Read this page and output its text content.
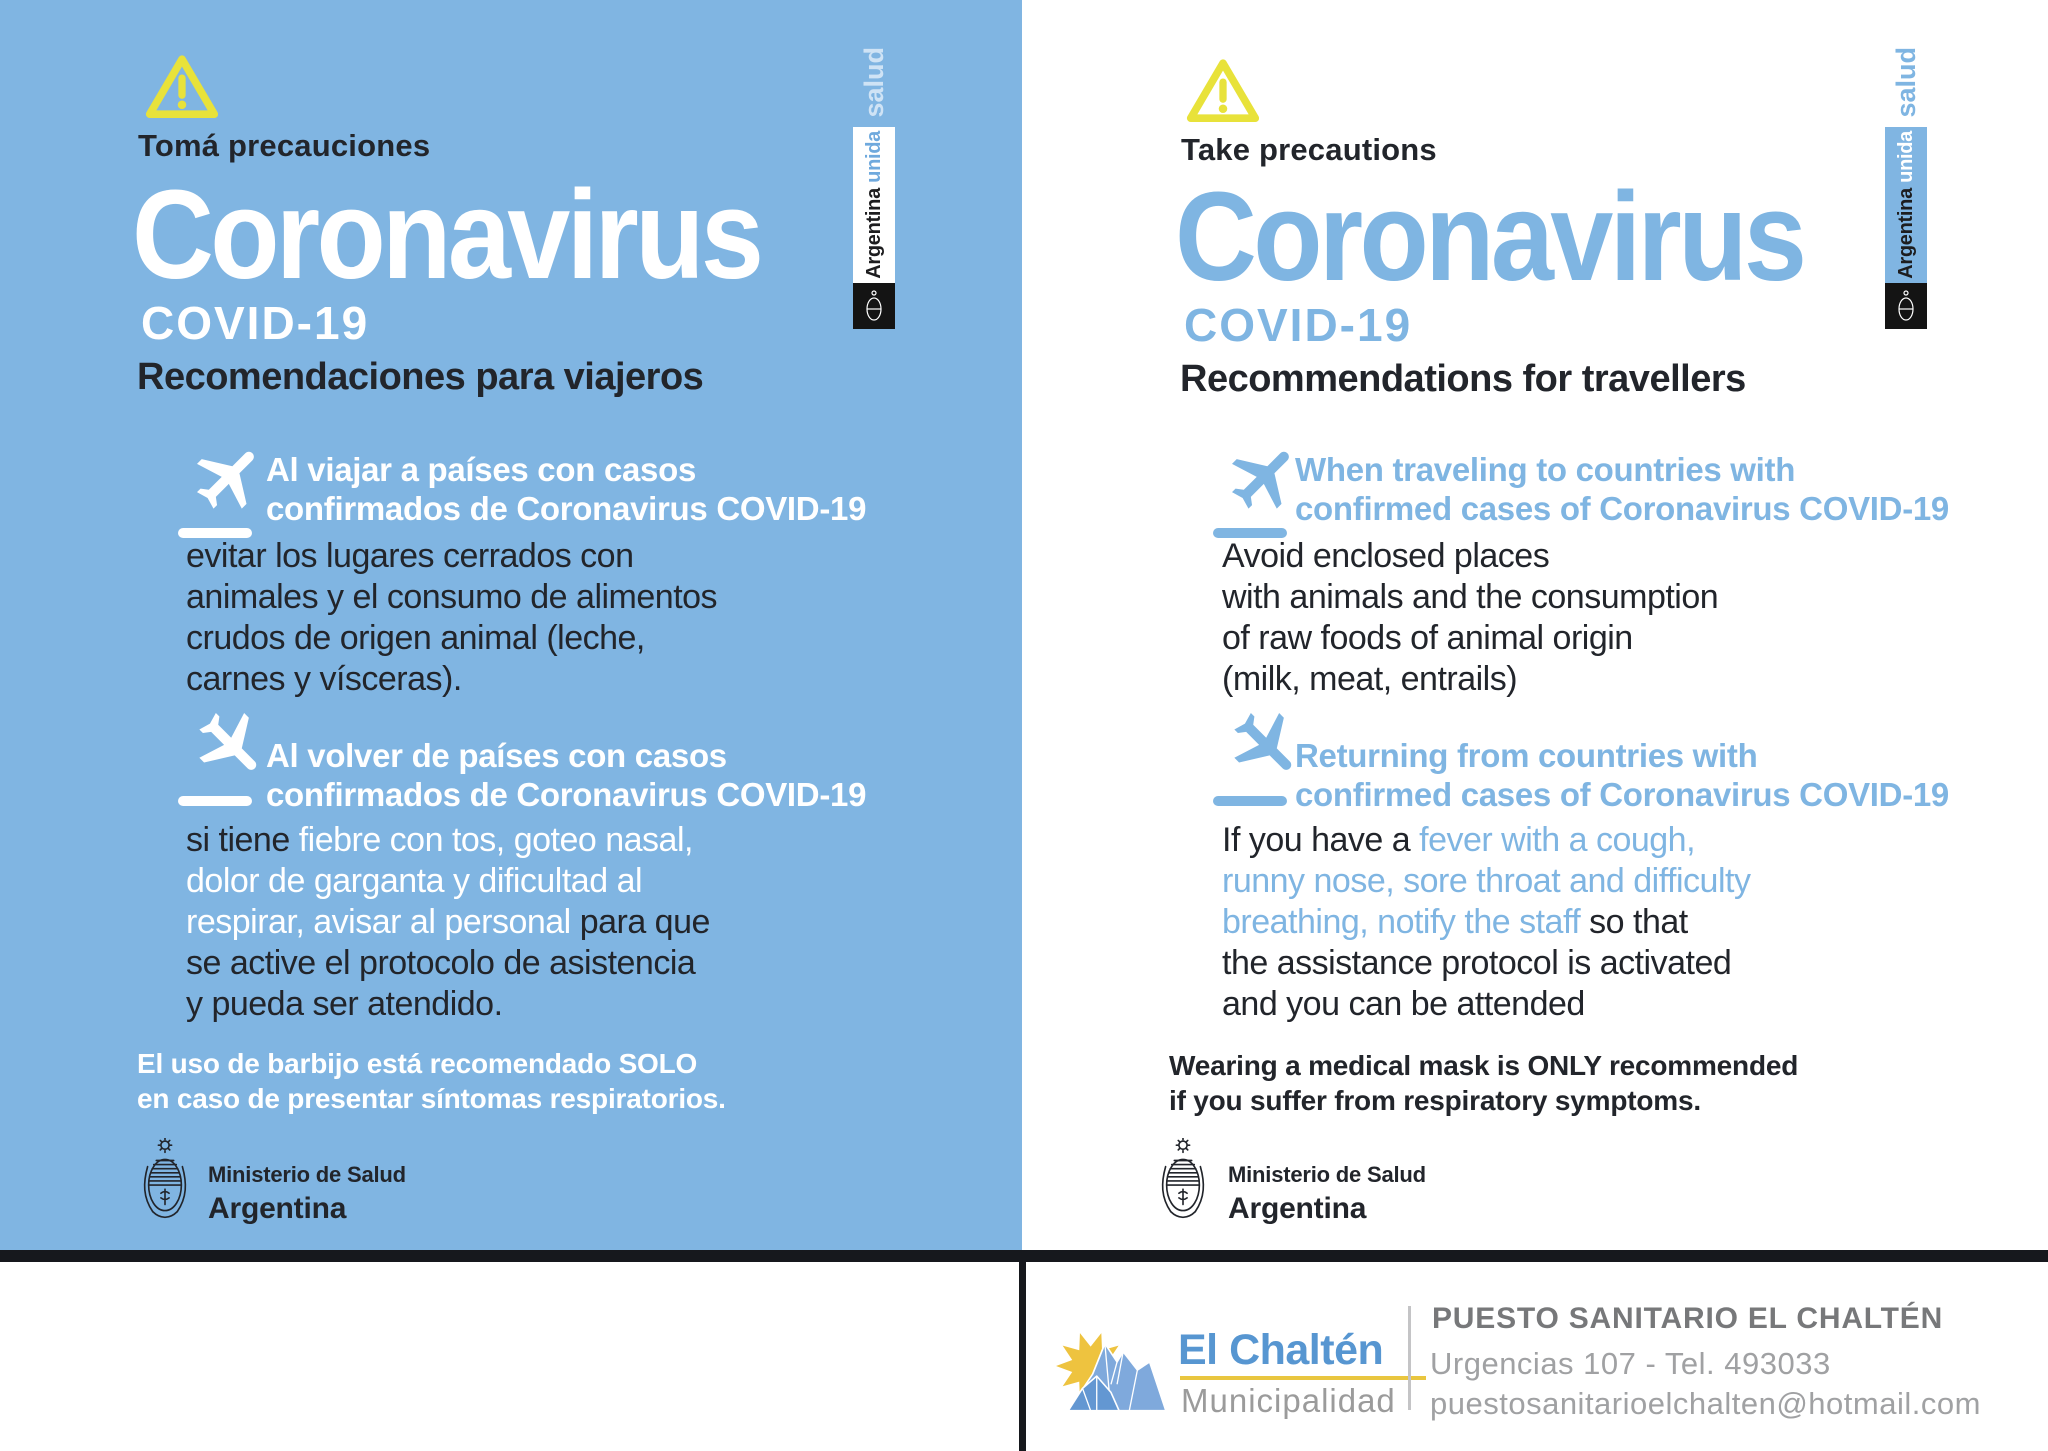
Tomá precauciones
Coronavirus
COVID-19
Recomendaciones para viajeros
Al viajar a países con casos
confirmados de Coronavirus COVID-19
evitar los lugares cerrados con
animales y el consumo de alimentos
crudos de origen animal (leche,
carnes y vísceras).
Al volver de países con casos
confirmados de Coronavirus COVID-19
si tiene fiebre con tos, goteo nasal,
dolor de garganta y dificultad al
respirar, avisar al personal para que
se active el protocolo de asistencia
y pueda ser atendido.
El uso de barbijo está recomendado SOLO
en caso de presentar síntomas respiratorios.
Ministerio de Salud
Argentina
salud
Argentina unida	Take precautions
Coronavirus
COVID-19
Recommendations for travellers
When traveling to countries with
confirmed cases of Coronavirus COVID-19
Avoid enclosed places
with animals and the consumption
of raw foods of animal origin
(milk, meat, entrails)
Returning from countries with
confirmed cases of Coronavirus COVID-19
If you have a fever with a cough,
runny nose, sore throat and difficulty
breathing, notify the staff so that
the assistance protocol is activated
and you can be attended
Wearing a medical mask is ONLY recommended
if you suffer from respiratory symptoms.
Ministerio de Salud
Argentina
salud
Argentina unida
El Chaltén
Municipalidad
PUESTO SANITARIO EL CHALTÉN
Urgencias 107 - Tel. 493033
puestosanitarioelchalten@hotmail.com
